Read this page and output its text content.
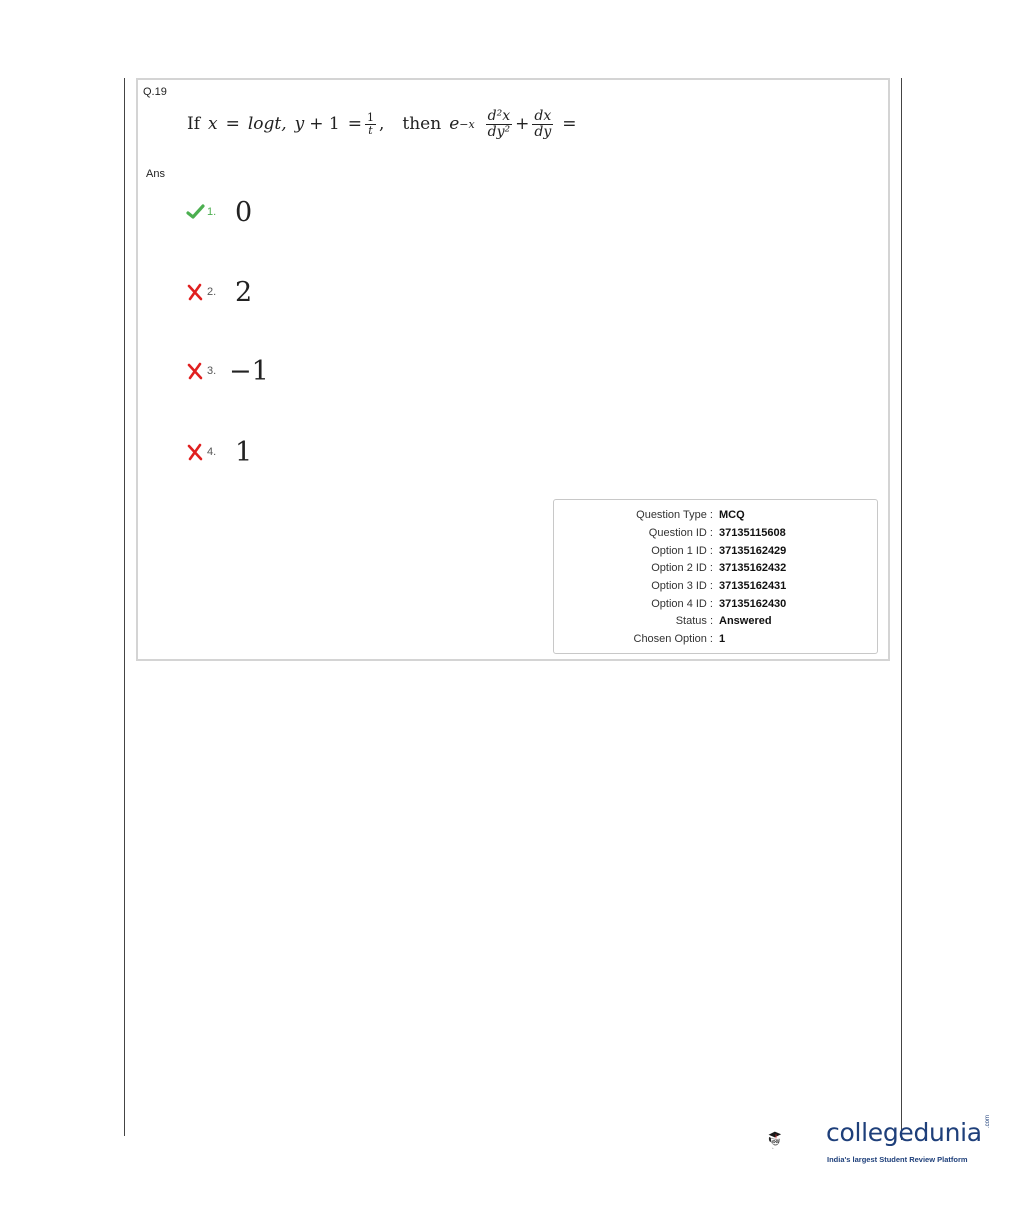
Q.19
If x = logt, $y + 1 = \frac{1}{t}$ , then $e -x \frac{\text{d²x}}{\text{dy²}} + \frac{dx}{dy}$ =
Ans
1. 0
2. 2
3. −1
4. 1
Question Type : MCQ
Question ID : 37135115608
Option 1 ID : 37135162429
Option 2 ID : 37135162432
Option 3 ID : 37135162431
Option 4 ID : 37135162430
Status : Answered
Chosen Option : 1
collegedunia .com
India's largest Student Review Platform
